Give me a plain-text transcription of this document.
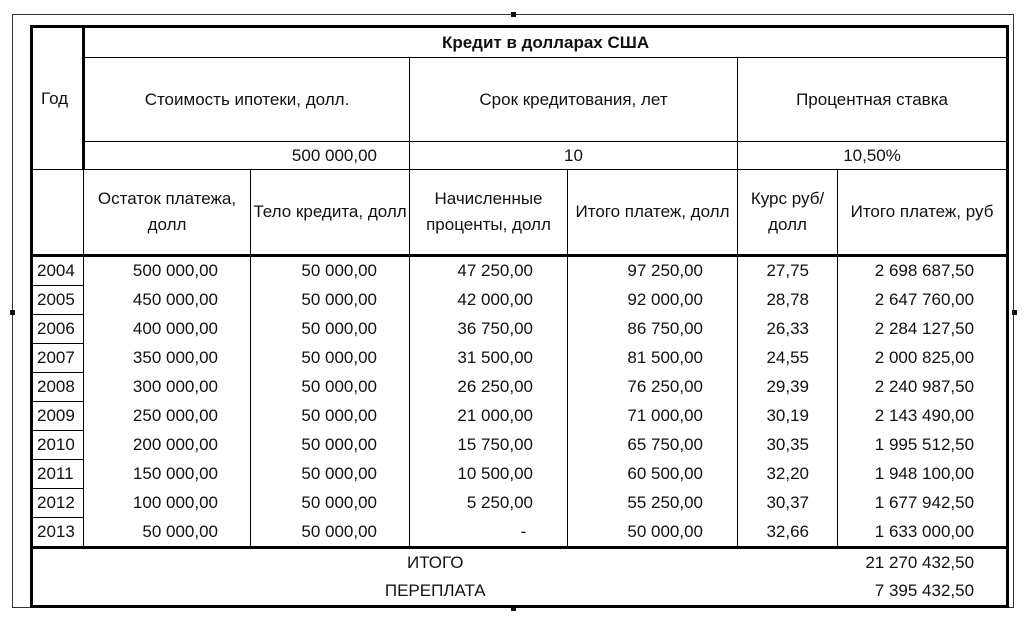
Год	Кредит в долларах США					
	Стоимость ипотеки, долл.		Срок кредитования, лет		Процентная ставка	
	500 000,00		10		10,50%	
	Остаток платежа, долл	Тело кредита, долл	Начисленные проценты, долл	Итого платеж, долл	Курс руб/долл	Итого платеж, руб
2004	500 000,00	50 000,00	47 250,00	97 250,00	27,75	2 698 687,50
2005	450 000,00	50 000,00	42 000,00	92 000,00	28,78	2 647 760,00
2006	400 000,00	50 000,00	36 750,00	86 750,00	26,33	2 284 127,50
2007	350 000,00	50 000,00	31 500,00	81 500,00	24,55	2 000 825,00
2008	300 000,00	50 000,00	26 250,00	76 250,00	29,39	2 240 987,50
2009	250 000,00	50 000,00	21 000,00	71 000,00	30,19	2 143 490,00
2010	200 000,00	50 000,00	15 750,00	65 750,00	30,35	1 995 512,50
2011	150 000,00	50 000,00	10 500,00	60 500,00	32,20	1 948 100,00
2012	100 000,00	50 000,00	5 250,00	55 250,00	30,37	1 677 942,50
2013	50 000,00	50 000,00	-	50 000,00	32,66	1 633 000,00
ИТОГО						21 270 432,50
ПЕРЕПЛАТА						7 395 432,50
